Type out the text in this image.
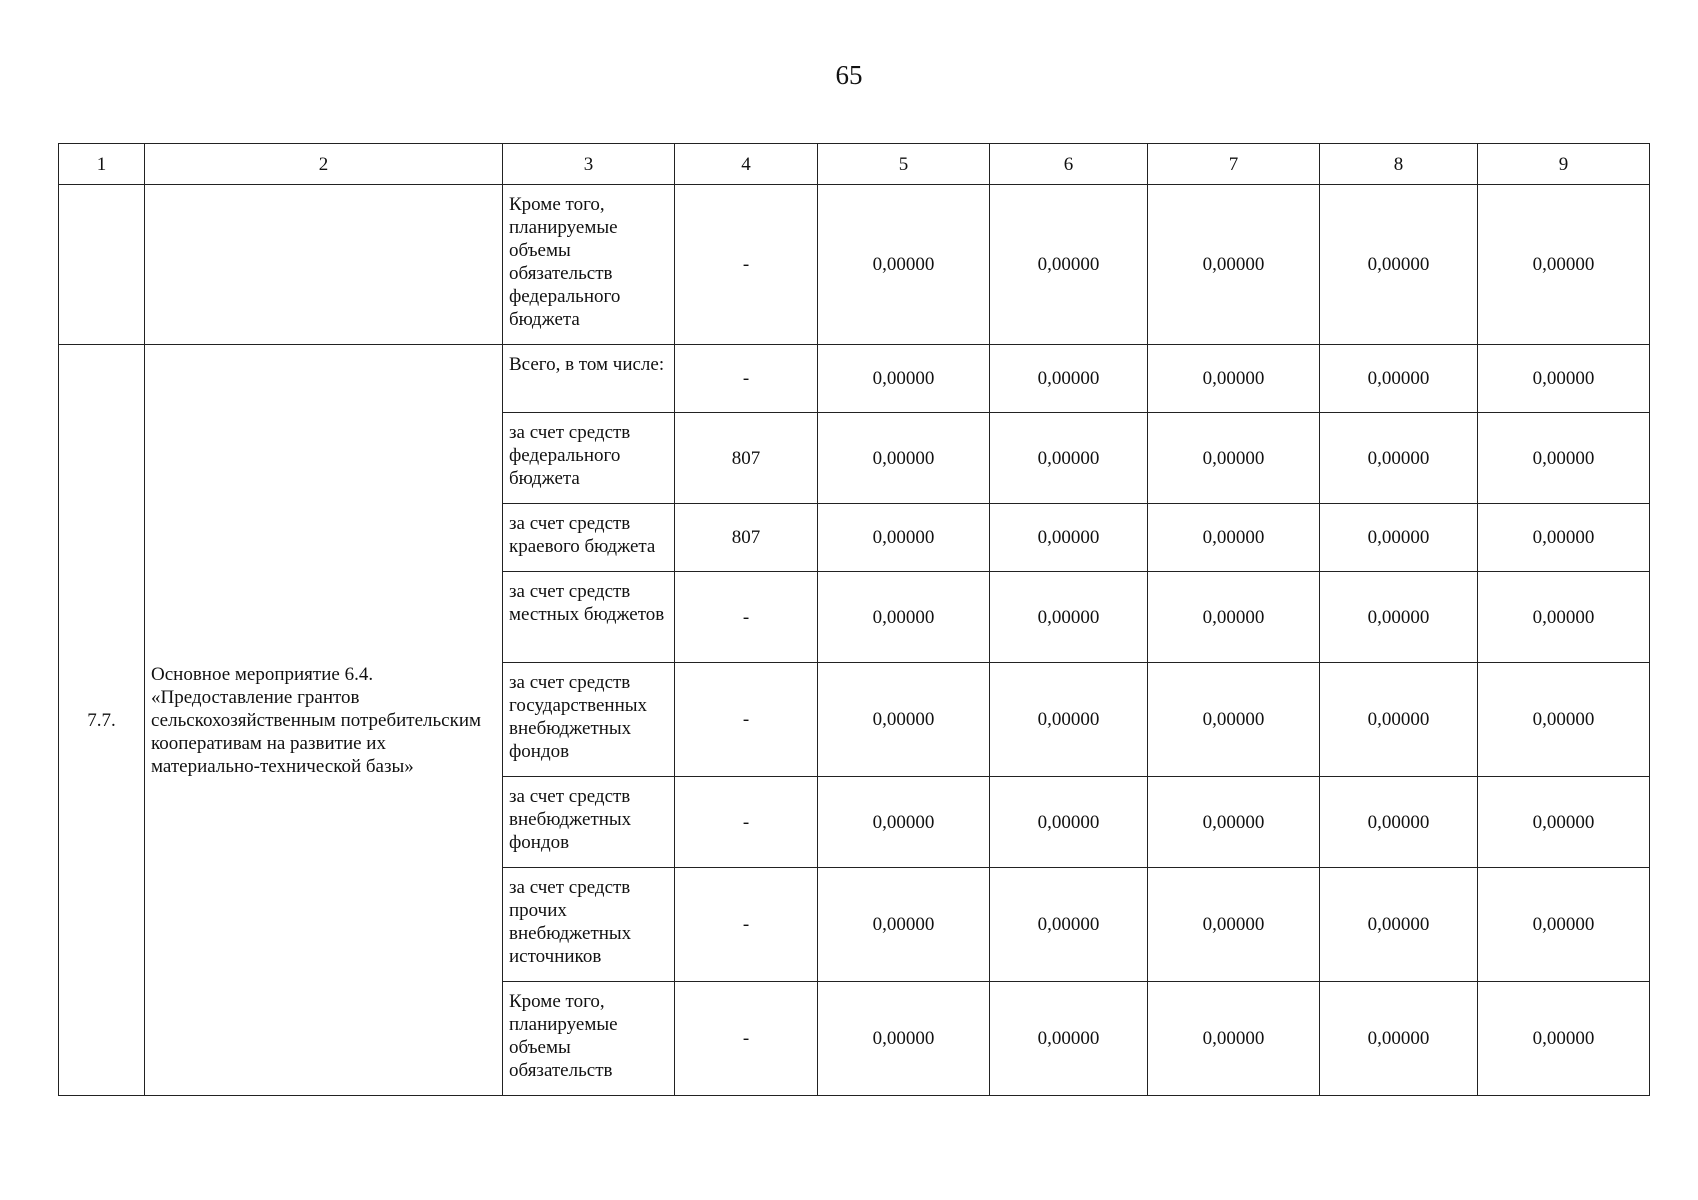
65
1	2	3	4	5	6	7	8	9
		Кроме того, планируемые объемы обязательств федерального бюджета	-	0,00000	0,00000	0,00000	0,00000	0,00000
7.7.	Основное мероприятие 6.4. «Предоставление грантов сельскохозяйственным потребительским кооперативам на развитие их материально-технической базы»	Всего, в том числе:	-	0,00000	0,00000	0,00000	0,00000	0,00000
		за счет средств федерального бюджета	807	0,00000	0,00000	0,00000	0,00000	0,00000
		за счет средств краевого бюджета	807	0,00000	0,00000	0,00000	0,00000	0,00000
		за счет средств местных бюджетов	-	0,00000	0,00000	0,00000	0,00000	0,00000
		за счет средств государственных внебюджетных фондов	-	0,00000	0,00000	0,00000	0,00000	0,00000
		за счет средств внебюджетных фондов	-	0,00000	0,00000	0,00000	0,00000	0,00000
		за счет средств прочих внебюджетных источников	-	0,00000	0,00000	0,00000	0,00000	0,00000
		Кроме того, планируемые объемы обязательств	-	0,00000	0,00000	0,00000	0,00000	0,00000
